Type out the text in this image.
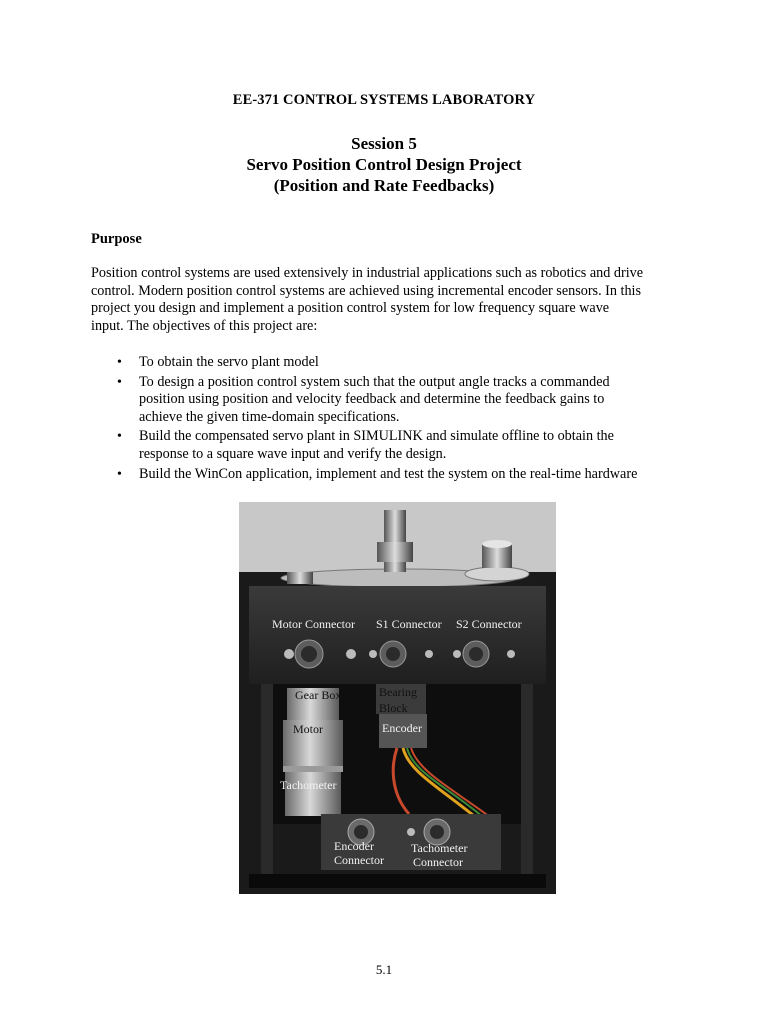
EE-371 CONTROL SYSTEMS LABORATORY
Session 5
Servo Position Control Design Project
(Position and Rate Feedbacks)
Purpose
Position control systems are used extensively in industrial applications such as robotics and drive
control. Modern position control systems are achieved using incremental encoder sensors. In this
project you design and implement a position control system for low frequency square wave
input. The objectives of this project are:
• To obtain the servo plant model
• To design a position control system such that the output angle tracks a commanded
position using position and velocity feedback and determine the feedback gains to
achieve the given time-domain specifications.
• Build the compensated servo plant in SIMULINK and simulate offline to obtain the
response to a square wave input and verify the design.
• Build the WinCon application, implement and test the system on the real-time hardware
Motor Connector S1 Connector S2 Connector
Gear Box
Motor
Tachometer
Bearing
Block
Encoder
Encoder
Connector
Tachometer
Connector
5.1
